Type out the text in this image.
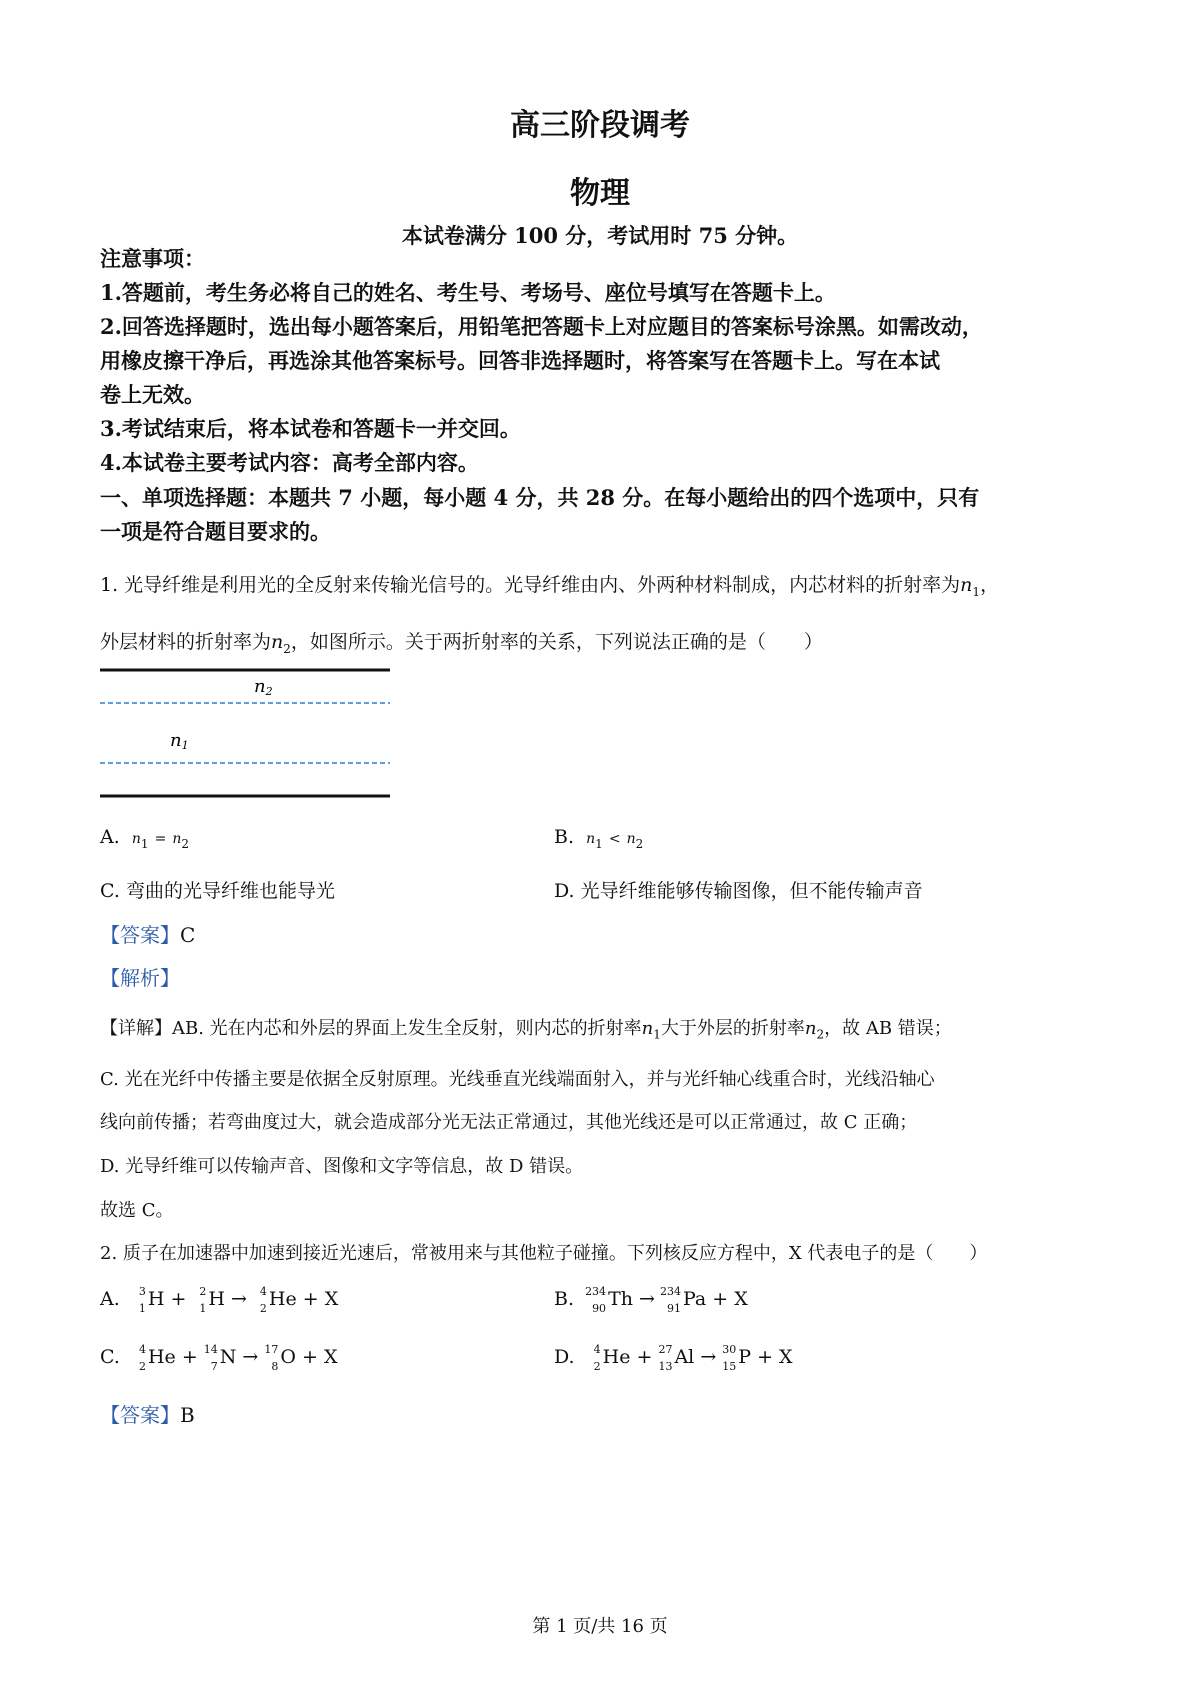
高三阶段调考
物理
本试卷满分 100 分，考试用时 75 分钟。
注意事项：
1.答题前，考生务必将自己的姓名、考生号、考场号、座位号填写在答题卡上。
2.回答选择题时，选出每小题答案后，用铅笔把答题卡上对应题目的答案标号涂黑。如需改动，
用橡皮擦干净后，再选涂其他答案标号。回答非选择题时，将答案写在答题卡上。写在本试
卷上无效。
3.考试结束后，将本试卷和答题卡一并交回。
4.本试卷主要考试内容：高考全部内容。
一、单项选择题：本题共 7 小题，每小题 4 分，共 28 分。在每小题给出的四个选项中，只有
一项是符合题目要求的。
1. 光导纤维是利用光的全反射来传输光信号的。光导纤维由内、外两种材料制成，内芯材料的折射率为$n_1$，
外层材料的折射率为$n_2$，如图所示。关于两折射率的关系，下列说法正确的是（　　）
n2
n1
A. $n_1 = n_2$	B. $n_1 < n_2$
C. 弯曲的光导纤维也能导光	D. 光导纤维能够传输图像，但不能传输声音
【答案】C
【解析】
【详解】AB. 光在内芯和外层的界面上发生全反射，则内芯的折射率$n_1$大于外层的折射率$n_2$，故 AB 错误；
C. 光在光纤中传播主要是依据全反射原理。光线垂直光线端面射入，并与光纤轴心线重合时，光线沿轴心
线向前传播；若弯曲度过大，就会造成部分光无法正常通过，其他光线还是可以正常通过，故 C 正确；
D. 光导纤维可以传输声音、图像和文字等信息，故 D 错误。
故选 C。
2. 质子在加速器中加速到接近光速后，常被用来与其他粒子碰撞。下列核反应方程中，X 代表电子的是（　　）
A. 3
1 H + 2
1 H → 4
2 He + X	B. 234
90 Th → 234
91 Pa + X
C. 4
2 He + 14
7 N → 17
8 O + X	D. 4
2 He + 27
13 Al → 30
15 P + X
【答案】B
第 1 页/共 16 页
